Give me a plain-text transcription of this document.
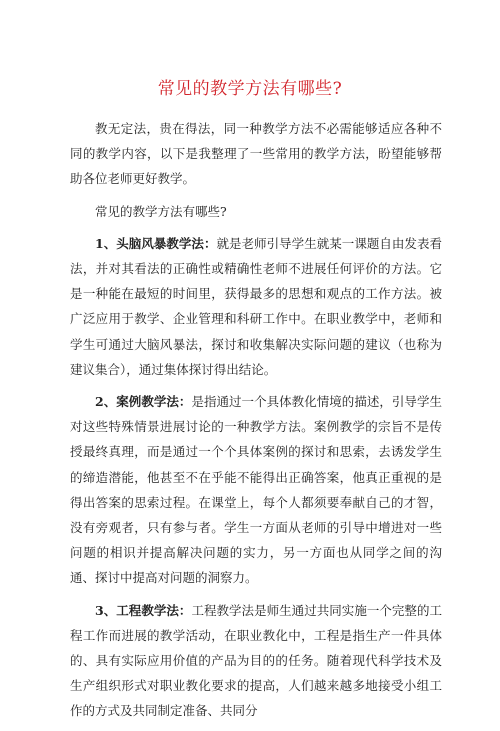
常见的教学方法有哪些?

教无定法，贵在得法，同一种教学方法不必需能够适应各种不同的教学内容，以下是我整理了一些常用的教学方法，盼望能够帮助各位老师更好教学。

常见的教学方法有哪些?

1、头脑风暴教学法：就是老师引导学生就某一课题自由发表看法，并对其看法的正确性或精确性老师不进展任何评价的方法。它是一种能在最短的时间里，获得最多的思想和观点的工作方法。被广泛应用于教学、企业管理和科研工作中。在职业教学中，老师和学生可通过大脑风暴法，探讨和收集解决实际问题的建议（也称为建议集合），通过集体探讨得出结论。

2、案例教学法：是指通过一个具体教化情境的描述，引导学生对这些特殊情景进展讨论的一种教学方法。案例教学的宗旨不是传授最终真理，而是通过一个个具体案例的探讨和思索，去诱发学生的缔造潜能，他甚至不在乎能不能得出正确答案，他真正重视的是得出答案的思索过程。在课堂上，每个人都须要奉献自己的才智，没有旁观者，只有参与者。学生一方面从老师的引导中增进对一些问题的相识并提高解决问题的实力，另一方面也从同学之间的沟通、探讨中提高对问题的洞察力。

3、工程教学法：工程教学法是师生通过共同实施一个完整的工程工作而进展的教学活动，在职业教化中，工程是指生产一件具体的、具有实际应用价值的产品为目的的任务。随着现代科学技术及生产组织形式对职业教化要求的提高，人们越来越多地接受小组工作的方式及共同制定准备、共同分
